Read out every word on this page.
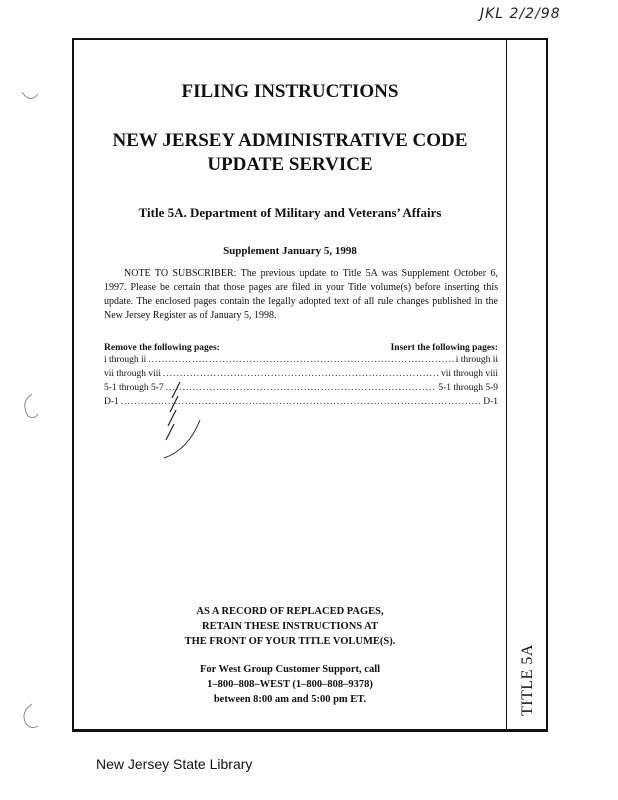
JKL 2/2/98
FILING INSTRUCTIONS
NEW JERSEY ADMINISTRATIVE CODE
UPDATE SERVICE
Title 5A. Department of Military and Veterans’ Affairs
Supplement January 5, 1998
NOTE TO SUBSCRIBER: The previous update to Title 5A was Supplement October 6, 1997. Please be certain that those pages are filed in your Title volume(s) before inserting this update. The enclosed pages contain the legally adopted text of all rule changes published in the New Jersey Register as of January 5, 1998.
Remove the following pages:	Insert the following pages:
i through ii .....	i through ii
vii through viii .....	vii through viii
5-1 through 5-7 .....	5-1 through 5-9
D-1 .....	D-1
AS A RECORD OF REPLACED PAGES,
RETAIN THESE INSTRUCTIONS AT
THE FRONT OF YOUR TITLE VOLUME(S).
For West Group Customer Support, call
1–800–808–WEST (1–800–808–9378)
between 8:00 am and 5:00 pm ET.	TITLE 5A
New Jersey State Library
